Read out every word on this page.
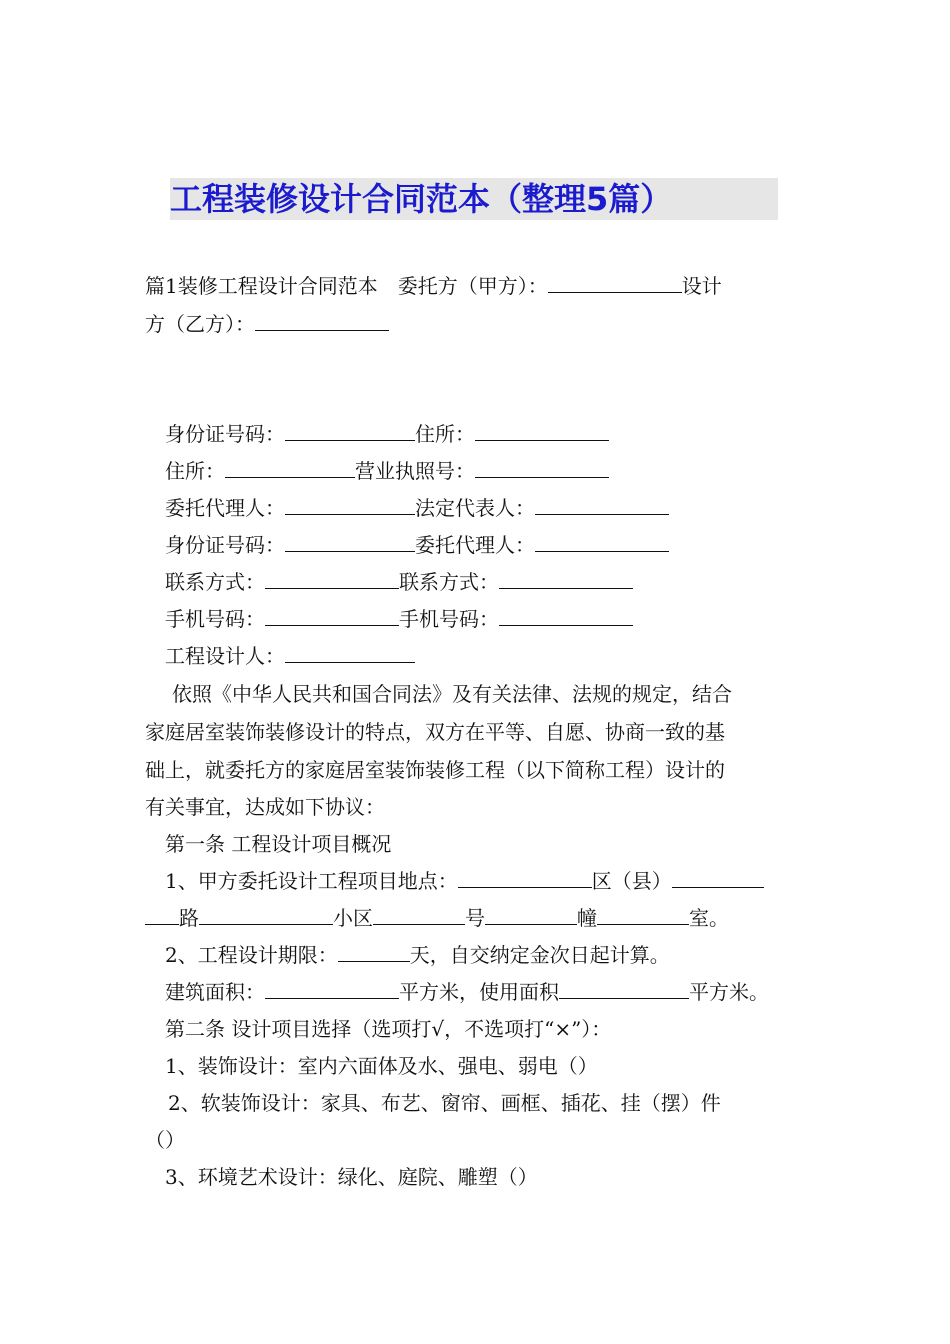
工程装修设计合同范本（整理5篇）
篇1装修工程设计合同范本　委托方（甲方）：	设计
方（乙方）：
身份证号码：	住所：
住所：	营业执照号：
委托代理人：	法定代表人：
身份证号码：	委托代理人：
联系方式：	联系方式：
手机号码：	手机号码：
工程设计人：
依照《中华人民共和国合同法》及有关法律、法规的规定，结合
家庭居室装饰装修设计的特点，双方在平等、自愿、协商一致的基
础上，就委托方的家庭居室装饰装修工程（以下简称工程）设计的
有关事宜，达成如下协议：
第一条 工程设计项目概况
1、甲方委托设计工程项目地点：	区（县）
路	小区	号	幢	室。
2、工程设计期限：	天，自交纳定金次日起计算。
建筑面积：	平方米，使用面积	平方米。
第二条 设计项目选择（选项打√，不选项打“×”）：
1、装饰设计：室内六面体及水、强电、弱电（）
2、软装饰设计：家具、布艺、窗帘、画框、插花、挂（摆）件
（）
3、环境艺术设计：绿化、庭院、雕塑（）
